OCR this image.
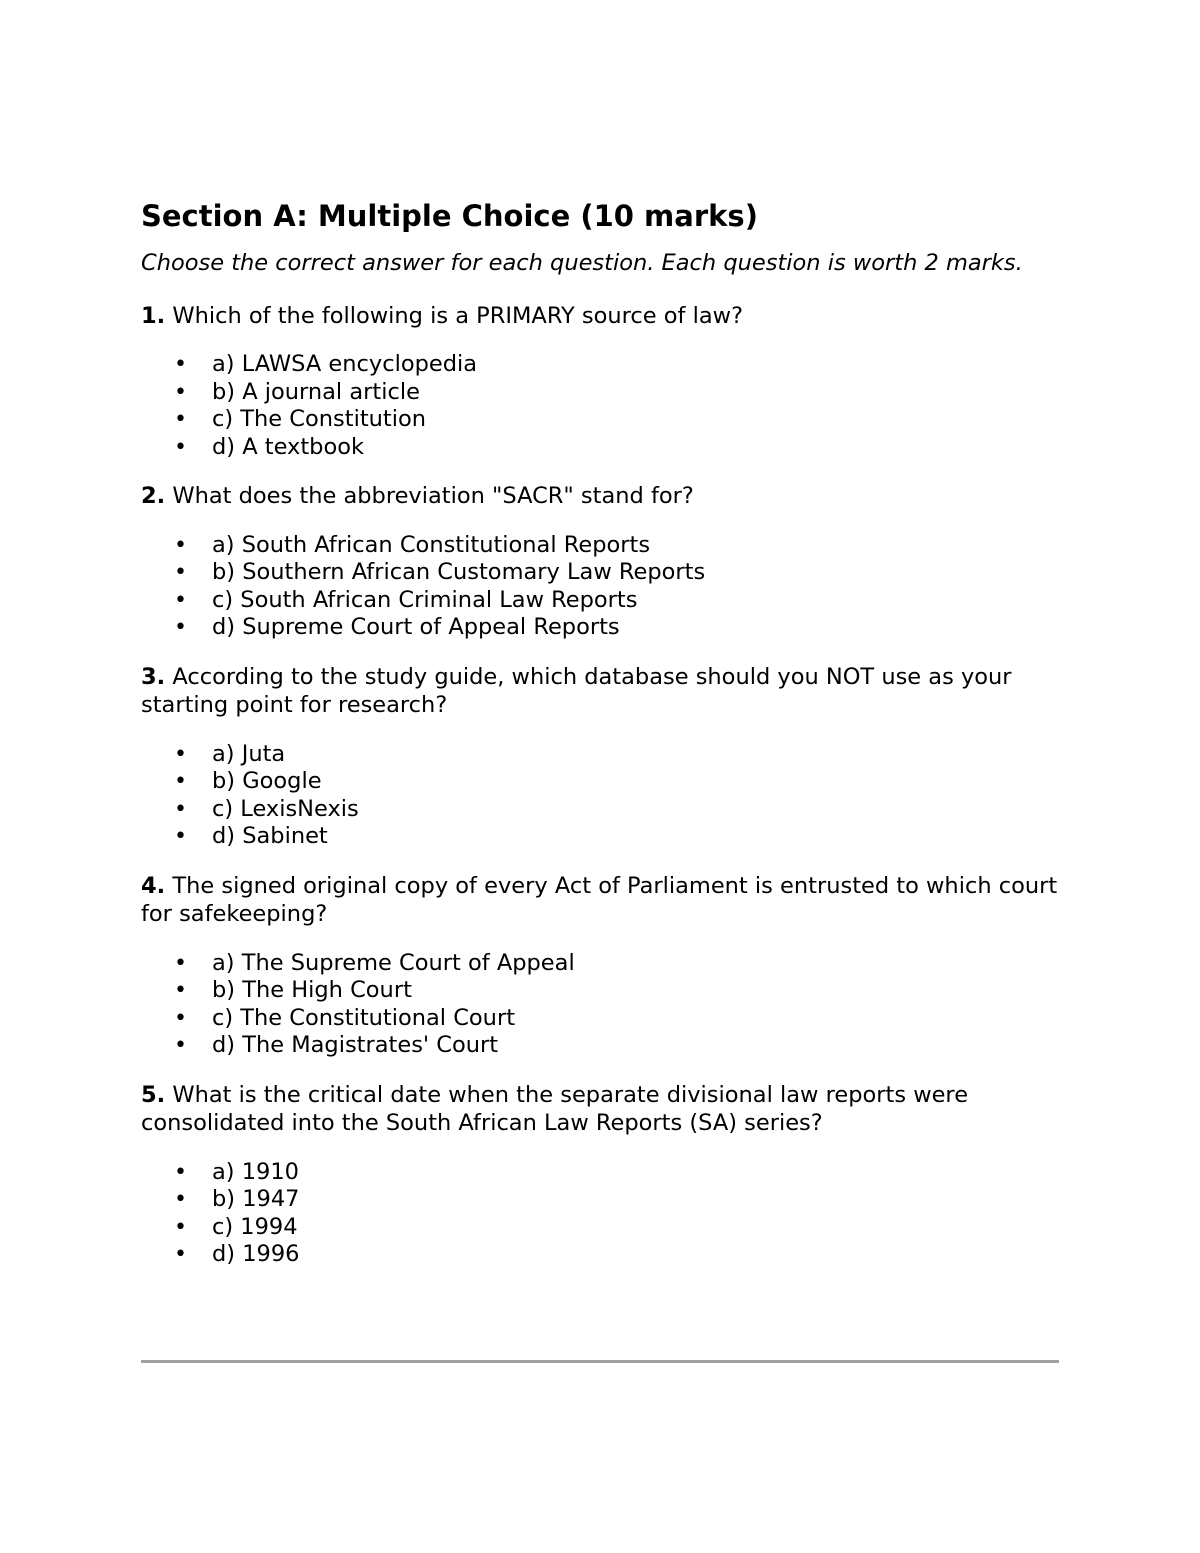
Section A: Multiple Choice (10 marks)

Choose the correct answer for each question. Each question is worth 2 marks.

1. Which of the following is a PRIMARY source of law?

• a) LAWSA encyclopedia
• b) A journal article
• c) The Constitution
• d) A textbook

2. What does the abbreviation "SACR" stand for?

• a) South African Constitutional Reports
• b) Southern African Customary Law Reports
• c) South African Criminal Law Reports
• d) Supreme Court of Appeal Reports

3. According to the study guide, which database should you NOT use as your starting point for research?

• a) Juta
• b) Google
• c) LexisNexis
• d) Sabinet

4. The signed original copy of every Act of Parliament is entrusted to which court for safekeeping?

• a) The Supreme Court of Appeal
• b) The High Court
• c) The Constitutional Court
• d) The Magistrates' Court

5. What is the critical date when the separate divisional law reports were consolidated into the South African Law Reports (SA) series?

• a) 1910
• b) 1947
• c) 1994
• d) 1996
